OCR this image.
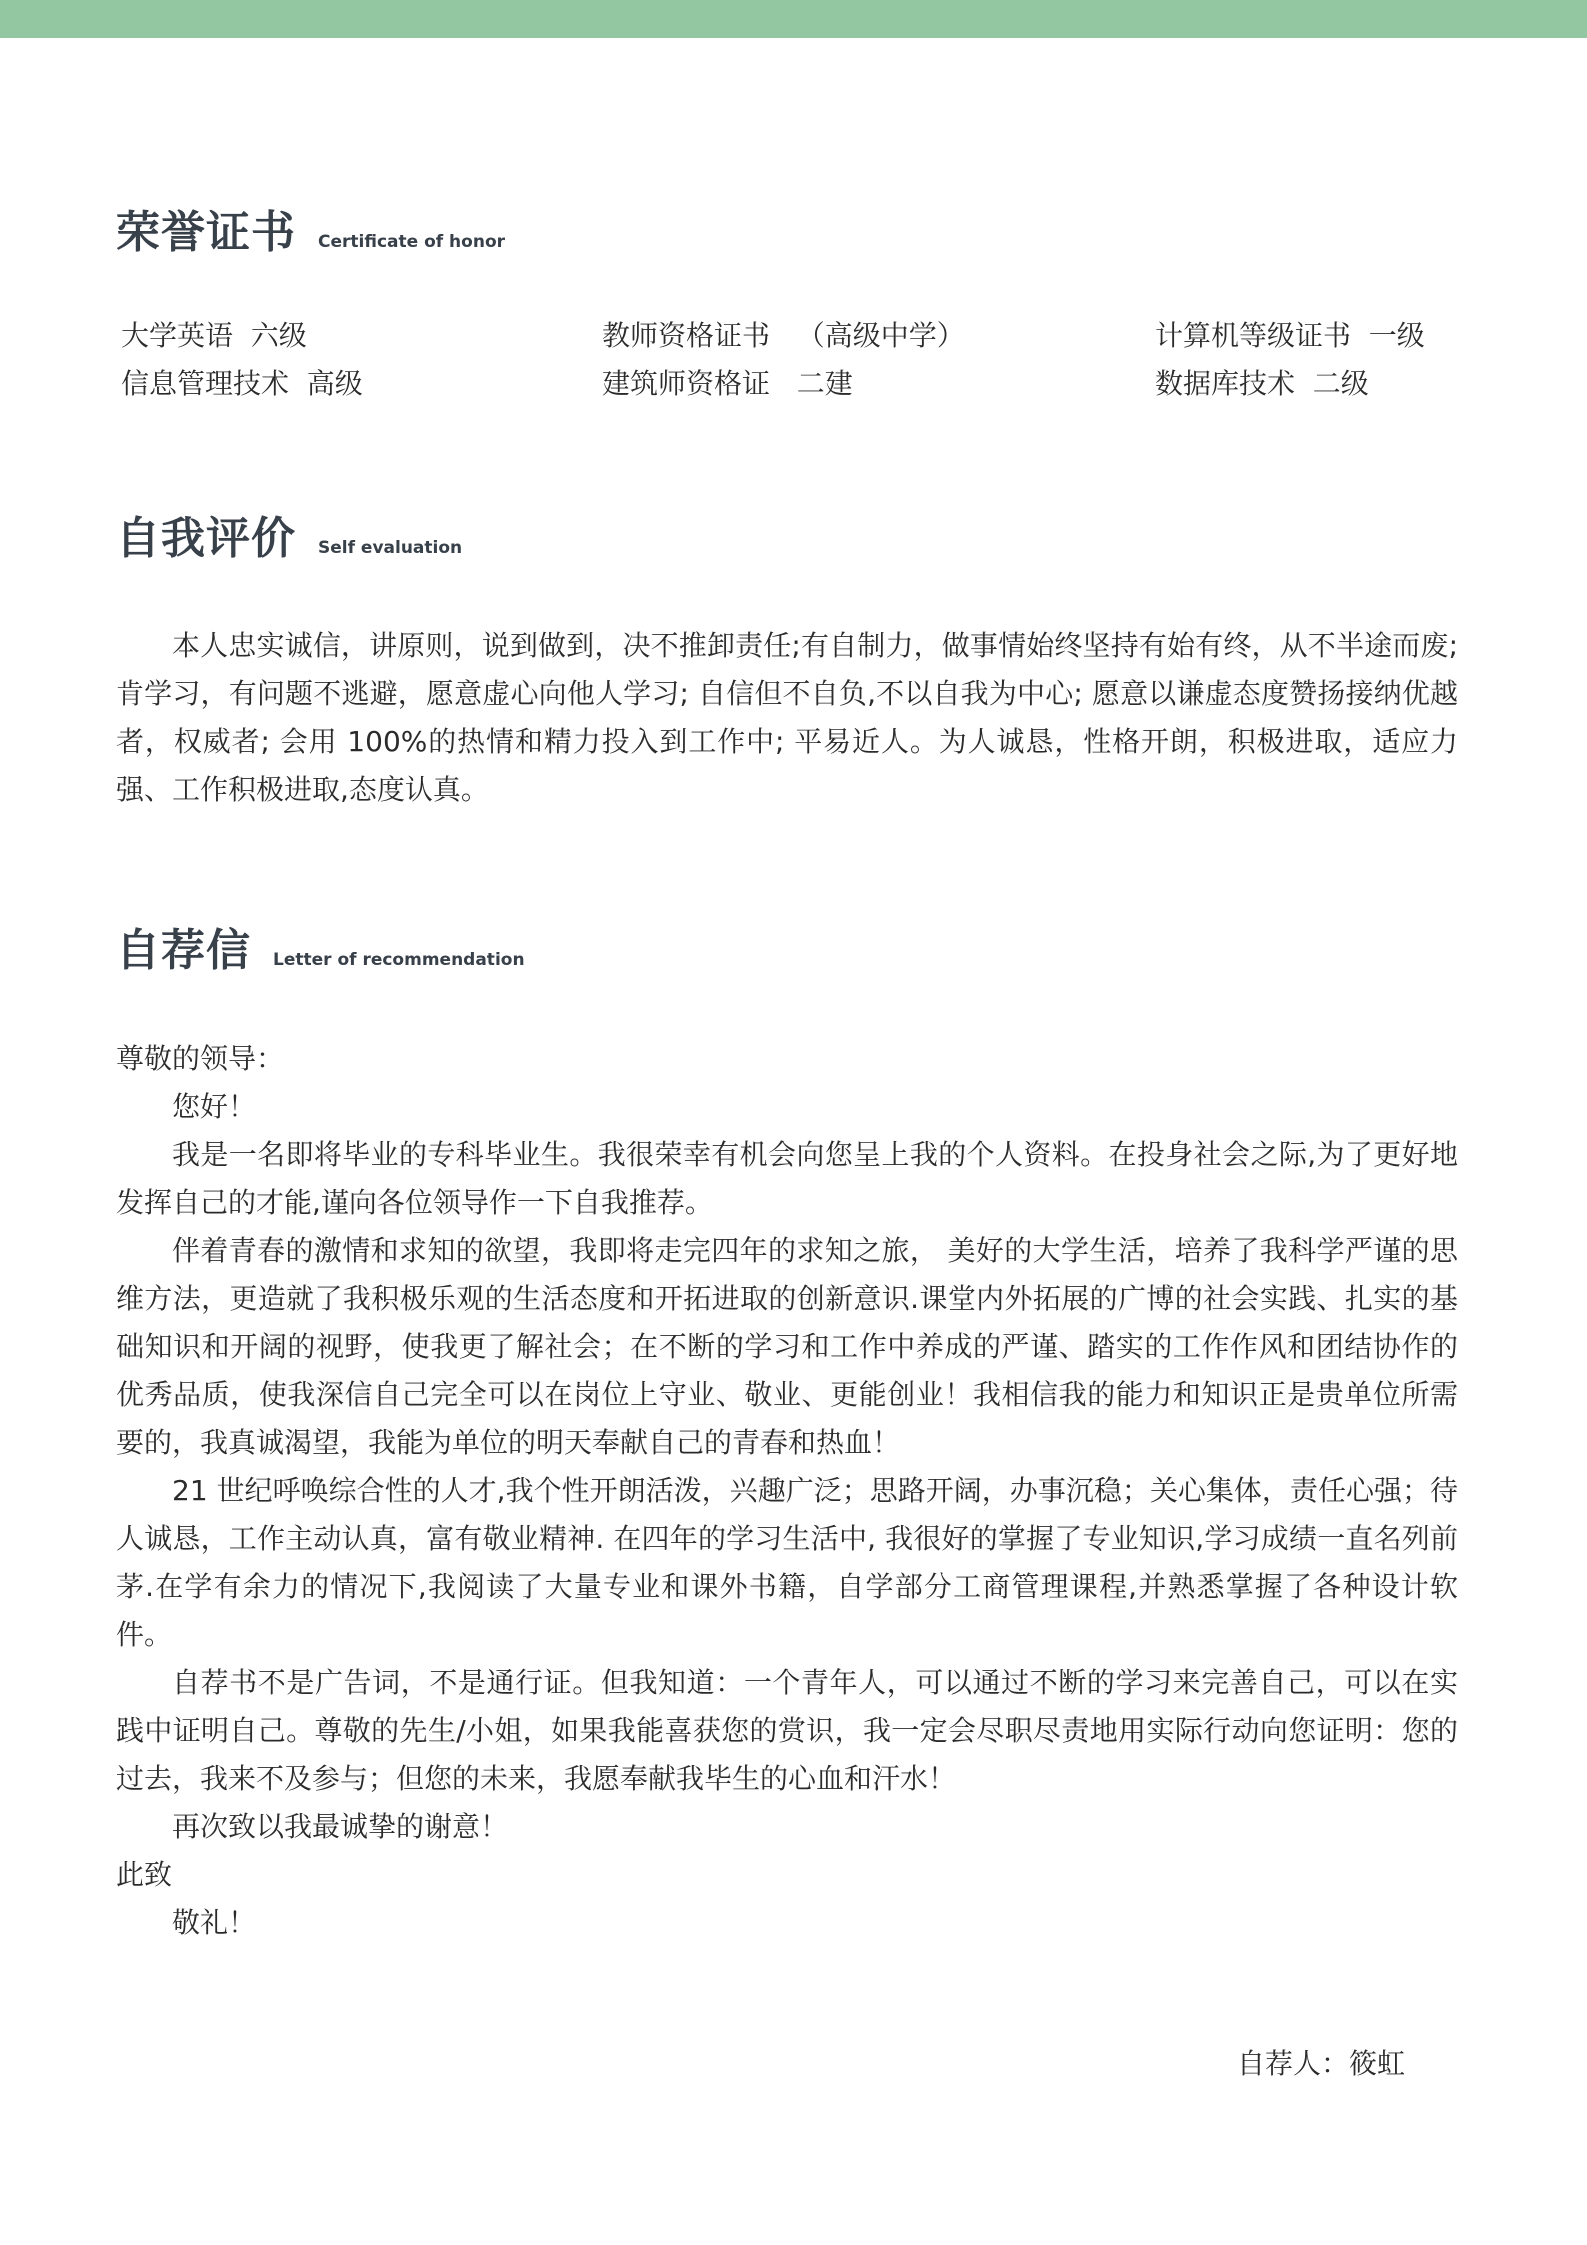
荣誉证书 Certificate of honor
大学英语  六级	教师资格证书   （高级中学）	计算机等级证书  一级
信息管理技术  高级	建筑师资格证   二建	数据库技术  二级
自我评价 Self evaluation

本人忠实诚信，讲原则，说到做到，决不推卸责任;有自制力，做事情始终坚持有始有终，从不半途而废;肯学习，有问题不逃避，愿意虚心向他人学习; 自信但不自负,不以自我为中心; 愿意以谦虚态度赞扬接纳优越者，权威者; 会用 100%的热情和精力投入到工作中; 平易近人。为人诚恳，性格开朗，积极进取，适应力强、工作积极进取,态度认真。

自荐信 Letter of recommendation

尊敬的领导：

您好！

我是一名即将毕业的专科毕业生。我很荣幸有机会向您呈上我的个人资料。在投身社会之际,为了更好地发挥自己的才能,谨向各位领导作一下自我推荐。

伴着青春的激情和求知的欲望，我即将走完四年的求知之旅， 美好的大学生活，培养了我科学严谨的思维方法，更造就了我积极乐观的生活态度和开拓进取的创新意识.课堂内外拓展的广博的社会实践、扎实的基础知识和开阔的视野，使我更了解社会；在不断的学习和工作中养成的严谨、踏实的工作作风和团结协作的优秀品质，使我深信自己完全可以在岗位上守业、敬业、更能创业！我相信我的能力和知识正是贵单位所需要的，我真诚渴望，我能为单位的明天奉献自己的青春和热血！

21 世纪呼唤综合性的人才,我个性开朗活泼，兴趣广泛；思路开阔，办事沉稳；关心集体，责任心强；待人诚恳，工作主动认真，富有敬业精神. 在四年的学习生活中, 我很好的掌握了专业知识,学习成绩一直名列前茅.在学有余力的情况下,我阅读了大量专业和课外书籍，自学部分工商管理课程,并熟悉掌握了各种设计软件。

自荐书不是广告词，不是通行证。但我知道：一个青年人，可以通过不断的学习来完善自己，可以在实践中证明自己。尊敬的先生/小姐，如果我能喜获您的赏识，我一定会尽职尽责地用实际行动向您证明：您的过去，我来不及参与；但您的未来，我愿奉献我毕生的心血和汗水！

再次致以我最诚挚的谢意！

此致

敬礼！

自荐人：筱虹
